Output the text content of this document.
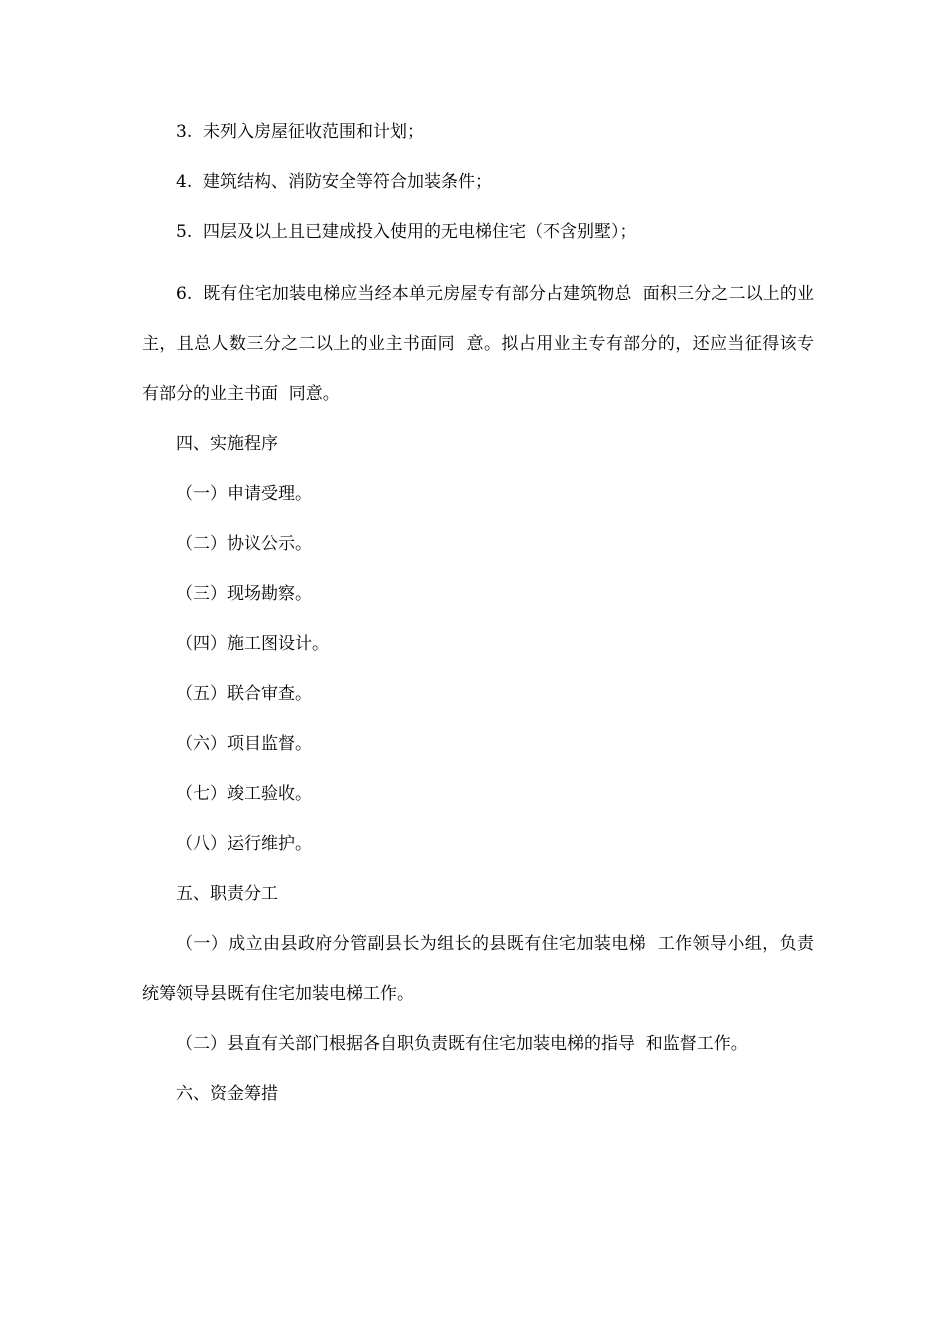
3.  未列入房屋征收范围和计划；

4.  建筑结构、消防安全等符合加装条件；

5.  四层及以上且已建成投入使用的无电梯住宅（不含别墅）；

6.  既有住宅加装电梯应当经本单元房屋专有部分占建筑物总  面积三分之二以上的业主，且总人数三分之二以上的业主书面同  意。拟占用业主专有部分的，还应当征得该专有部分的业主书面  同意。

四、实施程序

（一）申请受理。

（二）协议公示。

（三）现场勘察。

（四）施工图设计。

（五）联合审查。

（六）项目监督。

（七）竣工验收。

（八）运行维护。

五、职责分工

（一）成立由县政府分管副县长为组长的县既有住宅加装电梯  工作领导小组，负责统筹领导县既有住宅加装电梯工作。

（二）县直有关部门根据各自职负责既有住宅加装电梯的指导  和监督工作。

六、资金筹措
